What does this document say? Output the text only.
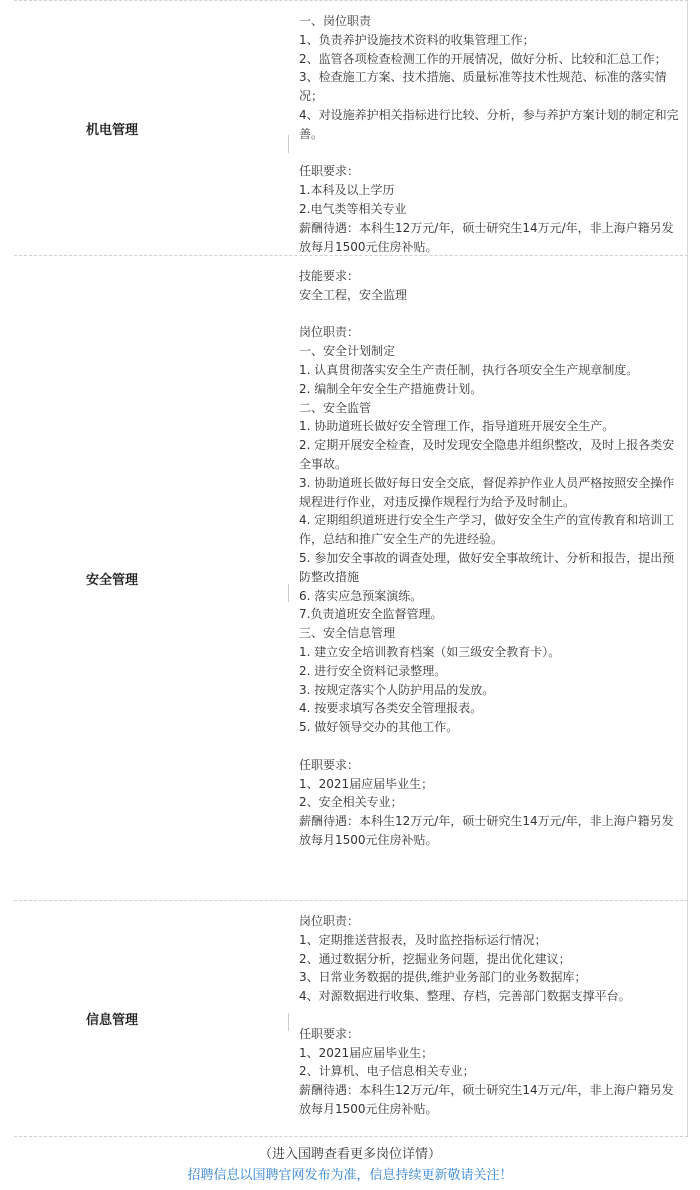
机电管理
一、岗位职责
1、负责养护设施技术资料的收集管理工作；
2、监管各项检查检测工作的开展情况，做好分析、比较和汇总工作；
3、检查施工方案、技术措施、质量标准等技术性规范、标准的落实情况；
4、对设施养护相关指标进行比较、分析，参与养护方案计划的制定和完善。
任职要求：
1.本科及以上学历
2.电气类等相关专业
薪酬待遇：本科生12万元/年，硕士研究生14万元/年，非上海户籍另发放每月1500元住房补贴。
安全管理
技能要求：
安全工程，安全监理
岗位职责：
一、安全计划制定
1. 认真贯彻落实安全生产责任制，执行各项安全生产规章制度。
2. 编制全年安全生产措施费计划。
二、安全监管
1. 协助道班长做好安全管理工作，指导道班开展安全生产。
2. 定期开展安全检查，及时发现安全隐患并组织整改，及时上报各类安全事故。
3. 协助道班长做好每日安全交底，督促养护作业人员严格按照安全操作规程进行作业，对违反操作规程行为给予及时制止。
4. 定期组织道班进行安全生产学习，做好安全生产的宣传教育和培训工作，总结和推广安全生产的先进经验。
5. 参加安全事故的调查处理，做好安全事故统计、分析和报告，提出预防整改措施
6. 落实应急预案演练。
7.负责道班安全监督管理。
三、安全信息管理
1. 建立安全培训教育档案（如三级安全教育卡）。
2. 进行安全资料记录整理。
3. 按规定落实个人防护用品的发放。
4. 按要求填写各类安全管理报表。
5. 做好领导交办的其他工作。
任职要求：
1、2021届应届毕业生；
2、安全相关专业；
薪酬待遇：本科生12万元/年，硕士研究生14万元/年，非上海户籍另发放每月1500元住房补贴。
信息管理
岗位职责：
1、定期推送营报表，及时监控指标运行情况；
2、通过数据分析，挖掘业务问题，提出优化建议；
3、日常业务数据的提供,维护业务部门的业务数据库；
4、对源数据进行收集、整理、存档，完善部门数据支撑平台。
任职要求：
1、2021届应届毕业生；
2、计算机、电子信息相关专业；
薪酬待遇：本科生12万元/年，硕士研究生14万元/年，非上海户籍另发放每月1500元住房补贴。
（进入国聘查看更多岗位详情）
招聘信息以国聘官网发布为准，信息持续更新敬请关注！
